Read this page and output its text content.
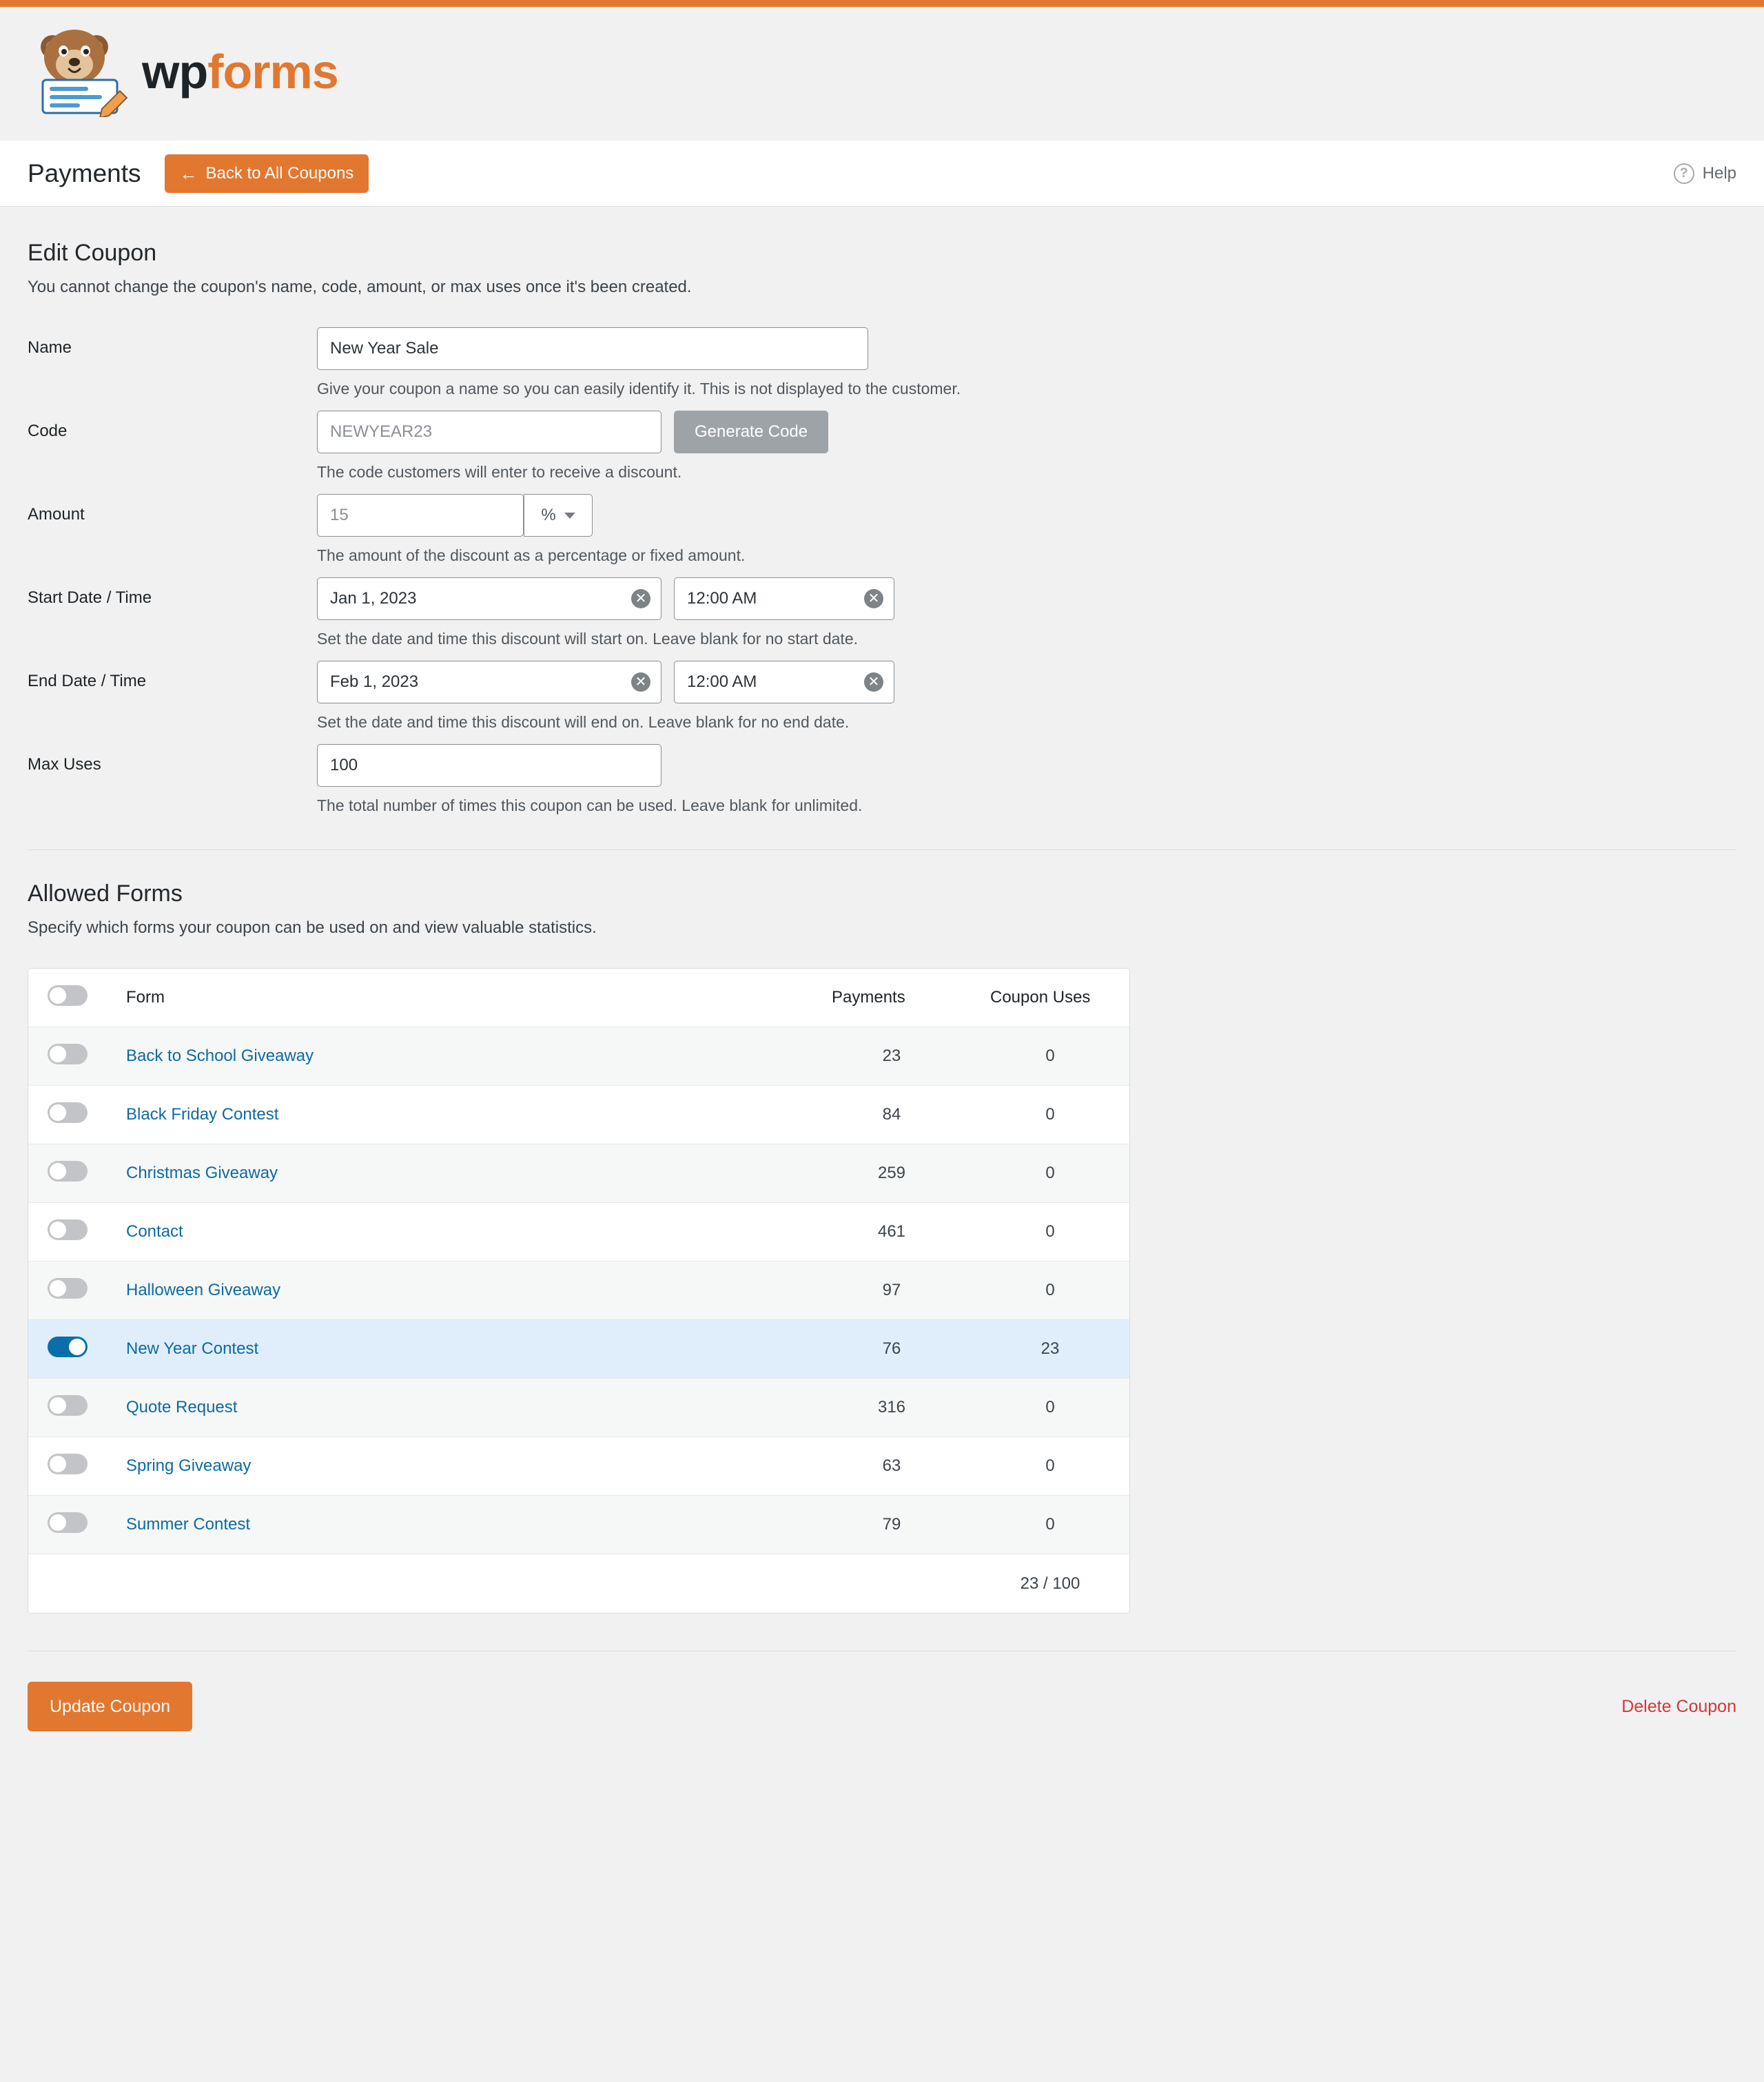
wpforms
Payments ← Back to All Coupons	? Help
Edit Coupon

You cannot change the coupon's name, code, amount, or max uses once it's been created.

Name
New Year Sale
Give your coupon a name so you can easily identify it. This is not displayed to the customer.
Code
NEWYEAR23	Generate Code
The code customers will enter to receive a discount.
Amount
15	%
The amount of the discount as a percentage or fixed amount.
Start Date / Time
Jan 1, 2023	✕
12:00 AM	✕
Set the date and time this discount will start on. Leave blank for no start date.
End Date / Time
Feb 1, 2023	✕
12:00 AM	✕
Set the date and time this discount will end on. Leave blank for no end date.
Max Uses
100
The total number of times this coupon can be used. Leave blank for unlimited.
Allowed Forms

Specify which forms your coupon can be used on and view valuable statistics.

	Form	Payments	Coupon Uses

	Back to School Giveaway	23	0

	Black Friday Contest	84	0

	Christmas Giveaway	259	0

	Contact	461	0

	Halloween Giveaway	97	0

	New Year Contest	76	23

	Quote Request	316	0

	Spring Giveaway	63	0

	Summer Contest	79	0
			23 / 100
Update Coupon	Delete Coupon
